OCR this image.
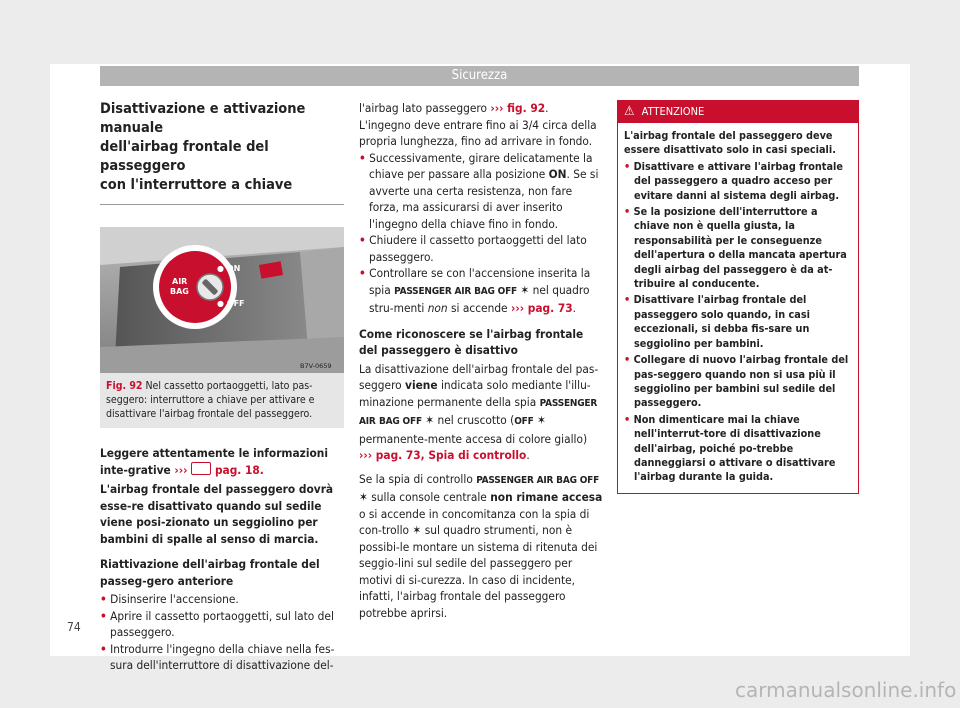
Sicurezza
Disattivazione e attivazione manuale
dell'airbag frontale del passeggero
con l'interruttore a chiave
● ON
● OFF
AIR
BAG
B7V-0659
Fig. 92 Nel cassetto portaoggetti, lato pas-seggero: interruttore a chiave per attivare e disattivare l'airbag frontale del passeggero.

Leggere attentamente le informazioni inte-grative ››› pag. 18.

L'airbag frontale del passeggero dovrà esse-re disattivato quando sul sedile viene posi-zionato un seggiolino per bambini di spalle al senso di marcia.

Riattivazione dell'airbag frontale del passeg-gero anteriore

• Disinserire l'accensione.

• Aprire il cassetto portaoggetti, sul lato del passeggero.

• Introdurre l'ingegno della chiave nella fes-sura dell'interruttore di disattivazione del-

l'airbag lato passeggero ››› fig. 92. L'ingegno deve entrare fino ai 3/4 circa della propria lunghezza, fino ad arrivare in fondo.

• Successivamente, girare delicatamente la chiave per passare alla posizione ON. Se si avverte una certa resistenza, non fare forza, ma assicurarsi di aver inserito l'ingegno della chiave fino in fondo.

• Chiudere il cassetto portaoggetti del lato passeggero.

• Controllare se con l'accensione inserita la spia PASSENGER AIR BAG OFF ✶ nel quadro stru-menti non si accende ››› pag. 73.

Come riconoscere se l'airbag frontale del passeggero è disattivo

La disattivazione dell'airbag frontale del pas-seggero viene indicata solo mediante l'illu-minazione permanente della spia PASSENGER AIR BAG OFF ✶ nel cruscotto (OFF ✶ permanente-mente accesa di colore giallo) ››› pag. 73, Spia di controllo.

Se la spia di controllo PASSENGER AIR BAG OFF ✶ sulla console centrale non rimane accesa o si accende in concomitanza con la spia di con-trollo ✶ sul quadro strumenti, non è possibi-le montare un sistema di ritenuta dei seggio-lini sul sedile del passeggero per motivi di si-curezza. In caso di incidente, infatti, l'airbag frontale del passeggero potrebbe aprirsi.

⚠ ATTENZIONE
L'airbag frontale del passeggero deve essere disattivato solo in casi speciali.
• Disattivare e attivare l'airbag frontale del passeggero a quadro acceso per evitare danni al sistema degli airbag.
• Se la posizione dell'interruttore a chiave non è quella giusta, la responsabilità per le conseguenze dell'apertura o della mancata apertura degli airbag del passeggero è da at-tribuire al conducente.
• Disattivare l'airbag frontale del passeggero solo quando, in casi eccezionali, si debba fis-sare un seggiolino per bambini.
• Collegare di nuovo l'airbag frontale del pas-seggero quando non si usa più il seggiolino per bambini sul sedile del passeggero.
• Non dimenticare mai la chiave nell'interrut-tore di disattivazione dell'airbag, poiché po-trebbe danneggiarsi o attivare o disattivare l'airbag durante la guida.
74
carmanualsonline.info
